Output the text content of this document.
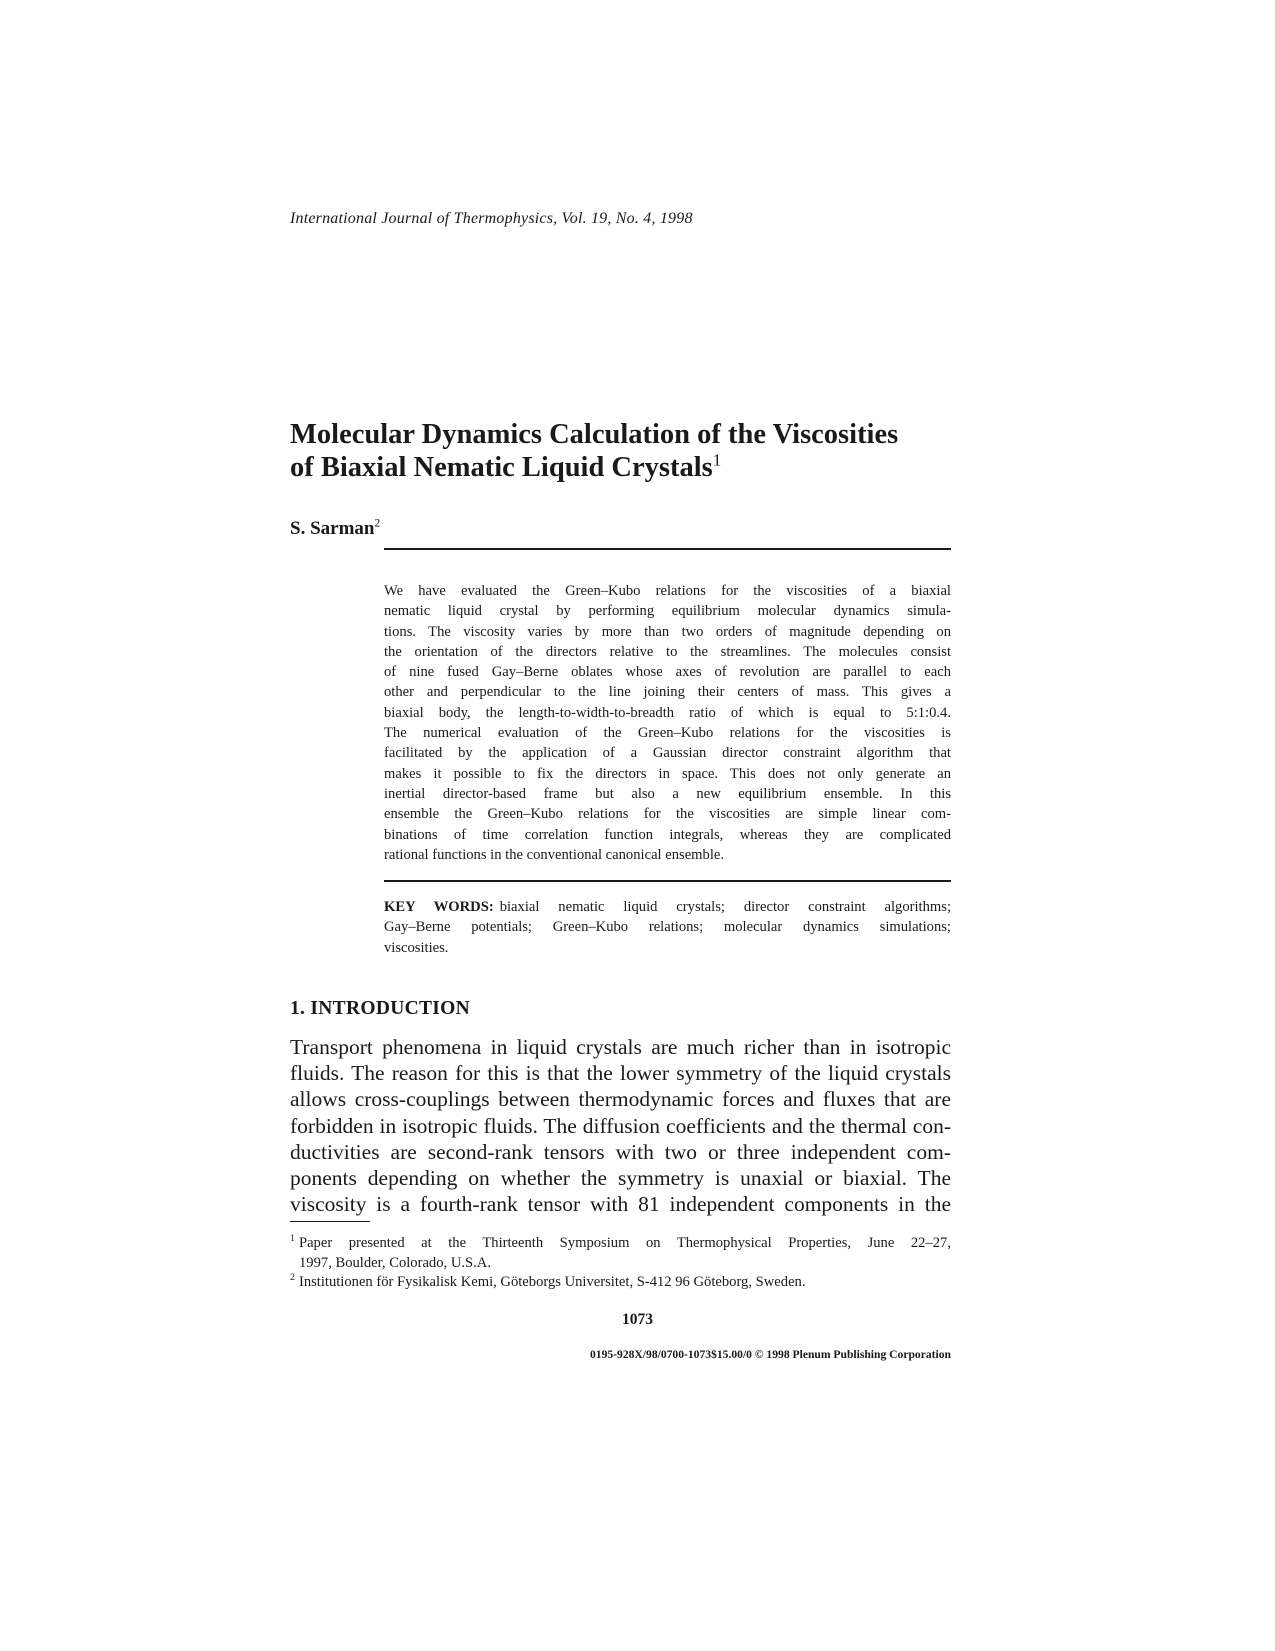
International Journal of Thermophysics, Vol. 19, No. 4, 1998
Molecular Dynamics Calculation of the Viscosities
of Biaxial Nematic Liquid Crystals$^1$
S. Sarman$^2$
We have evaluated the Green–Kubo relations for the viscosities of a biaxial
nematic liquid crystal by performing equilibrium molecular dynamics simula-
tions. The viscosity varies by more than two orders of magnitude depending on
the orientation of the directors relative to the streamlines. The molecules consist
of nine fused Gay–Berne oblates whose axes of revolution are parallel to each
other and perpendicular to the line joining their centers of mass. This gives a
biaxial body, the length-to-width-to-breadth ratio of which is equal to 5:1:0.4.
The numerical evaluation of the Green–Kubo relations for the viscosities is
facilitated by the application of a Gaussian director constraint algorithm that
makes it possible to fix the directors in space. This does not only generate an
inertial director-based frame but also a new equilibrium ensemble. In this
ensemble the Green–Kubo relations for the viscosities are simple linear com-
binations of time correlation function integrals, whereas they are complicated
rational functions in the conventional canonical ensemble.
KEY WORDS: biaxial nematic liquid crystals; director constraint algorithms;
Gay–Berne potentials; Green–Kubo relations; molecular dynamics simulations;
viscosities.
1. INTRODUCTION
Transport phenomena in liquid crystals are much richer than in isotropic
fluids. The reason for this is that the lower symmetry of the liquid crystals
allows cross-couplings between thermodynamic forces and fluxes that are
forbidden in isotropic fluids. The diffusion coefficients and the thermal con-
ductivities are second-rank tensors with two or three independent com-
ponents depending on whether the symmetry is unaxial or biaxial. The
viscosity is a fourth-rank tensor with 81 independent components in the
$^1$ Paper presented at the Thirteenth Symposium on Thermophysical Properties, June 22–27,
1997, Boulder, Colorado, U.S.A.
$^2$ Institutionen för Fysikalisk Kemi, Göteborgs Universitet, S-412 96 Göteborg, Sweden.
1073
0195-928X/98/0700-1073$15.00/0 © 1998 Plenum Publishing Corporation
